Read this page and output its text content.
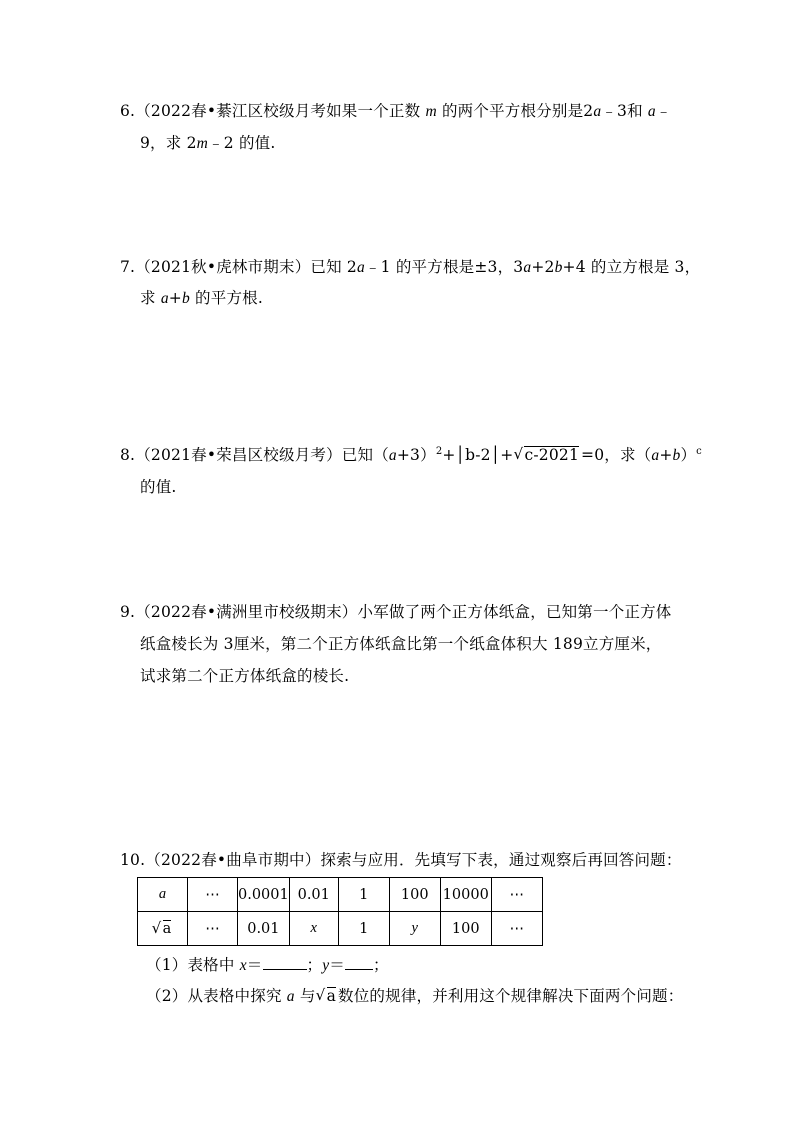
6.（2022春•綦江区校级月考如果一个正数 m 的两个平方根分别是2a﹣3和 a﹣
9，求 2m﹣2 的值.
7.（2021秋•虎林市期末）已知 2a﹣1 的平方根是±3，3a+2b+4 的立方根是 3，
求 a+b 的平方根.
8.（2021春•荣昌区校级月考）已知$(a+3)^2+│b-2│+$ √ c-2021 =0，求$(a+b)^c$
的值.
9.（2022春•满洲里市校级期末）小军做了两个正方体纸盒，已知第一个正方体
纸盒棱长为 3厘米，第二个正方体纸盒比第一个纸盒体积大 189立方厘米，
试求第二个正方体纸盒的棱长.
10.（2022春•曲阜市期中）探索与应用．先填写下表，通过观察后再回答问题：
a	⋯	0.0001	0.01	1	100	10000	⋯

√ a	⋯	0.01	x	1	y	100	⋯
（1）表格中 x＝	；y＝ ；
（2）从表格中探究 a 与 √ a 数位的规律，并利用这个规律解决下面两个问题：
